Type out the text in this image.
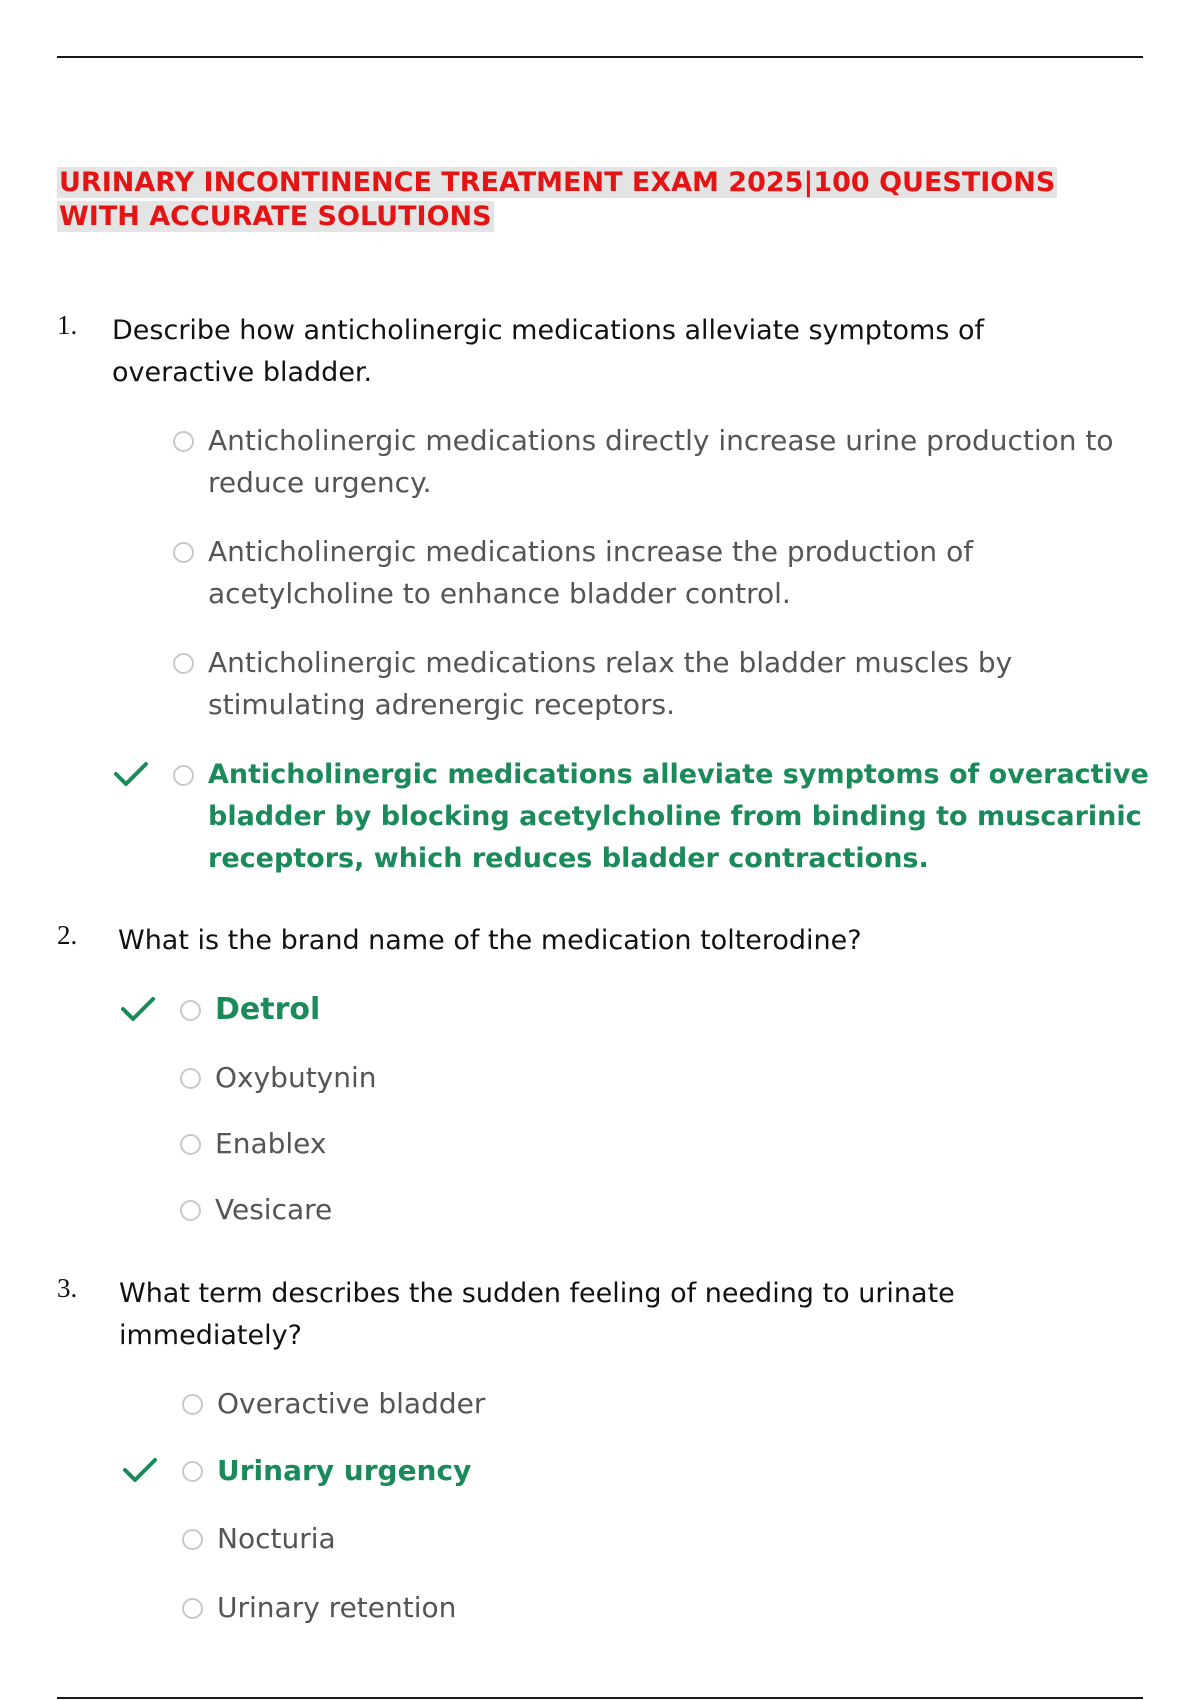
URINARY INCONTINENCE TREATMENT EXAM 2025|100 QUESTIONS
WITH ACCURATE SOLUTIONS
1. Describe how anticholinergic medications alleviate symptoms of
overactive bladder.
Anticholinergic medications directly increase urine production to
reduce urgency.
Anticholinergic medications increase the production of
acetylcholine to enhance bladder control.
Anticholinergic medications relax the bladder muscles by
stimulating adrenergic receptors.
Anticholinergic medications alleviate symptoms of overactive
bladder by blocking acetylcholine from binding to muscarinic
receptors, which reduces bladder contractions.
2. What is the brand name of the medication tolterodine?
Detrol
Oxybutynin
Enablex
Vesicare
3. What term describes the sudden feeling of needing to urinate
immediately?
Overactive bladder
Urinary urgency
Nocturia
Urinary retention
